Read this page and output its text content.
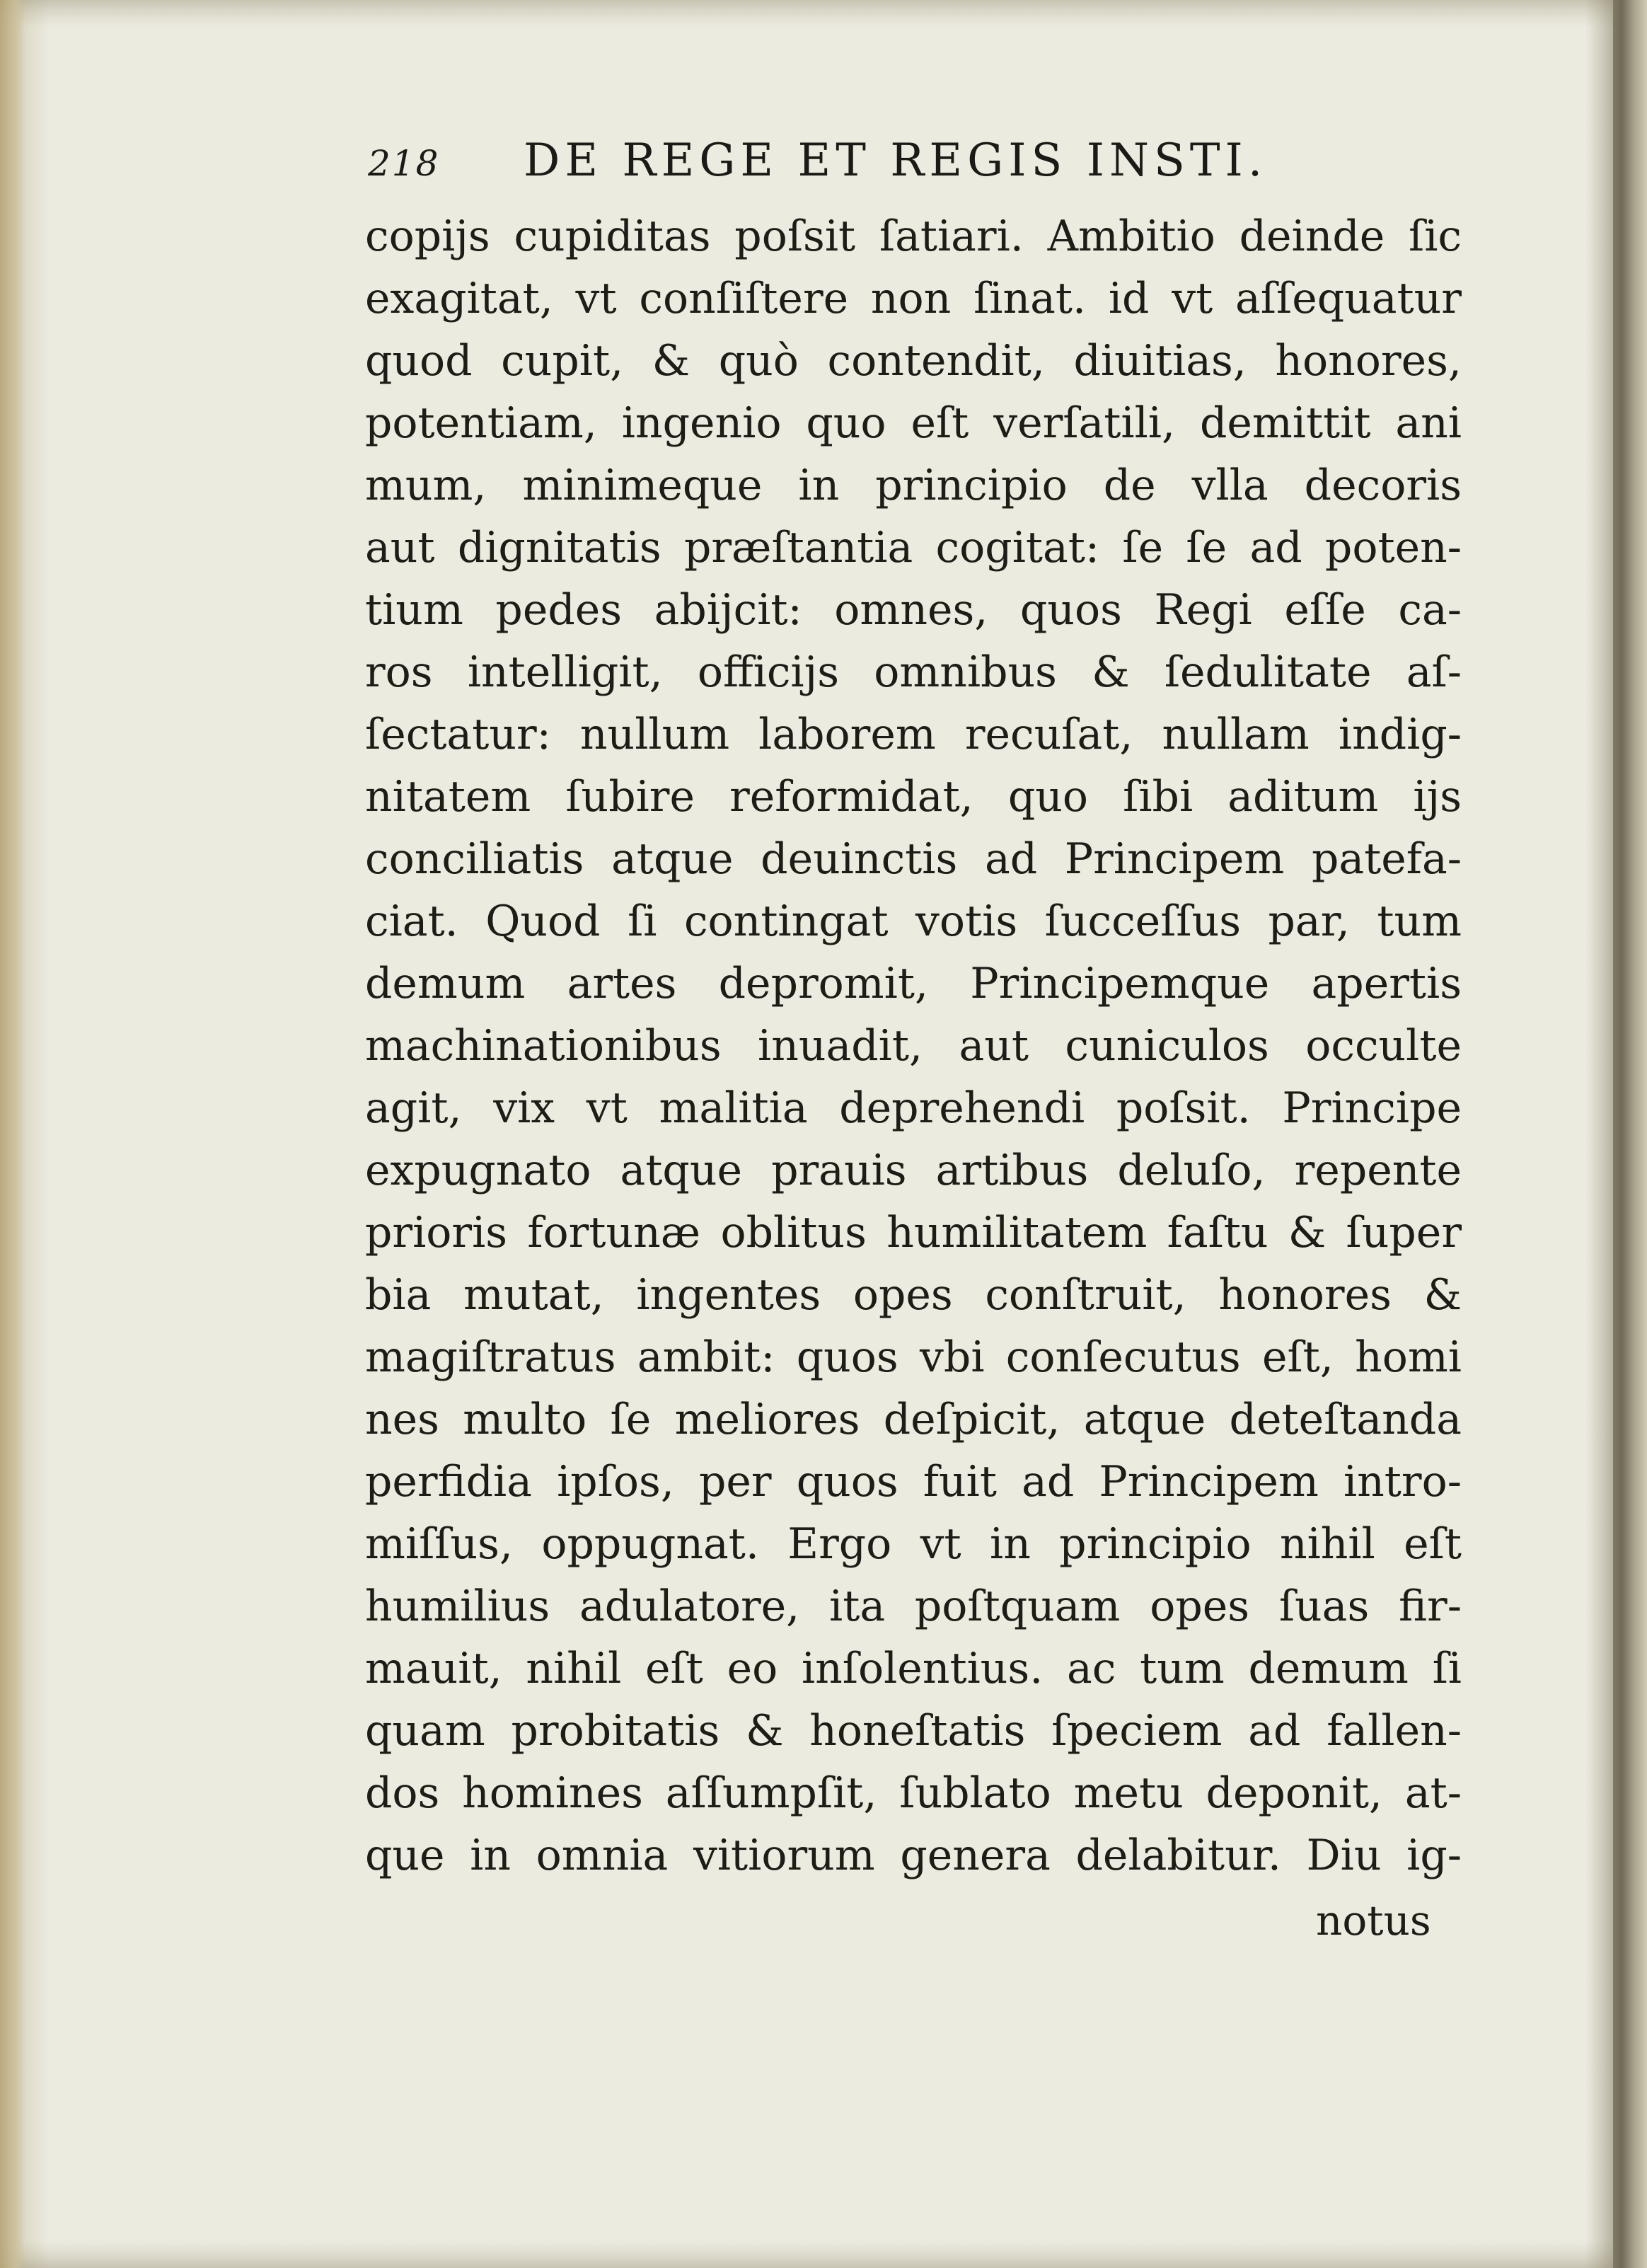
218 DE REGE ET REGIS INSTI.
copijs cupiditas poſsit ſatiari. Ambitio deinde ſic
exagitat, vt conſiſtere non ſinat. id vt aſſequatur
quod cupit, & quò contendit, diuitias, honores,
potentiam, ingenio quo eſt verſatili, demittit ani
mum, minimeque in principio de vlla decoris
aut dignitatis præſtantia cogitat: ſe ſe ad poten-
tium pedes abijcit: omnes, quos Regi eſſe ca-
ros intelligit, officijs omnibus & ſedulitate aſ-
ſectatur: nullum laborem recuſat, nullam indig-
nitatem ſubire reformidat, quo ſibi aditum ijs
conciliatis atque deuinctis ad Principem patefa-
ciat. Quod ſi contingat votis ſucceſſus par, tum
demum artes depromit, Principemque apertis
machinationibus inuadit, aut cuniculos occulte
agit, vix vt malitia deprehendi poſsit. Principe
expugnato atque prauis artibus deluſo, repente
prioris fortunæ oblitus humilitatem faſtu & ſuper
bia mutat, ingentes opes conſtruit, honores &
magiſtratus ambit: quos vbi conſecutus eſt, homi
nes multo ſe meliores deſpicit, atque deteſtanda
perfidia ipſos, per quos fuit ad Principem intro-
miſſus, oppugnat. Ergo vt in principio nihil eſt
humilius adulatore, ita poſtquam opes ſuas fir-
mauit, nihil eſt eo inſolentius. ac tum demum ſi
quam probitatis & honeſtatis ſpeciem ad fallen-
dos homines aſſumpſit, ſublato metu deponit, at-
que in omnia vitiorum genera delabitur. Diu ig-
notus
